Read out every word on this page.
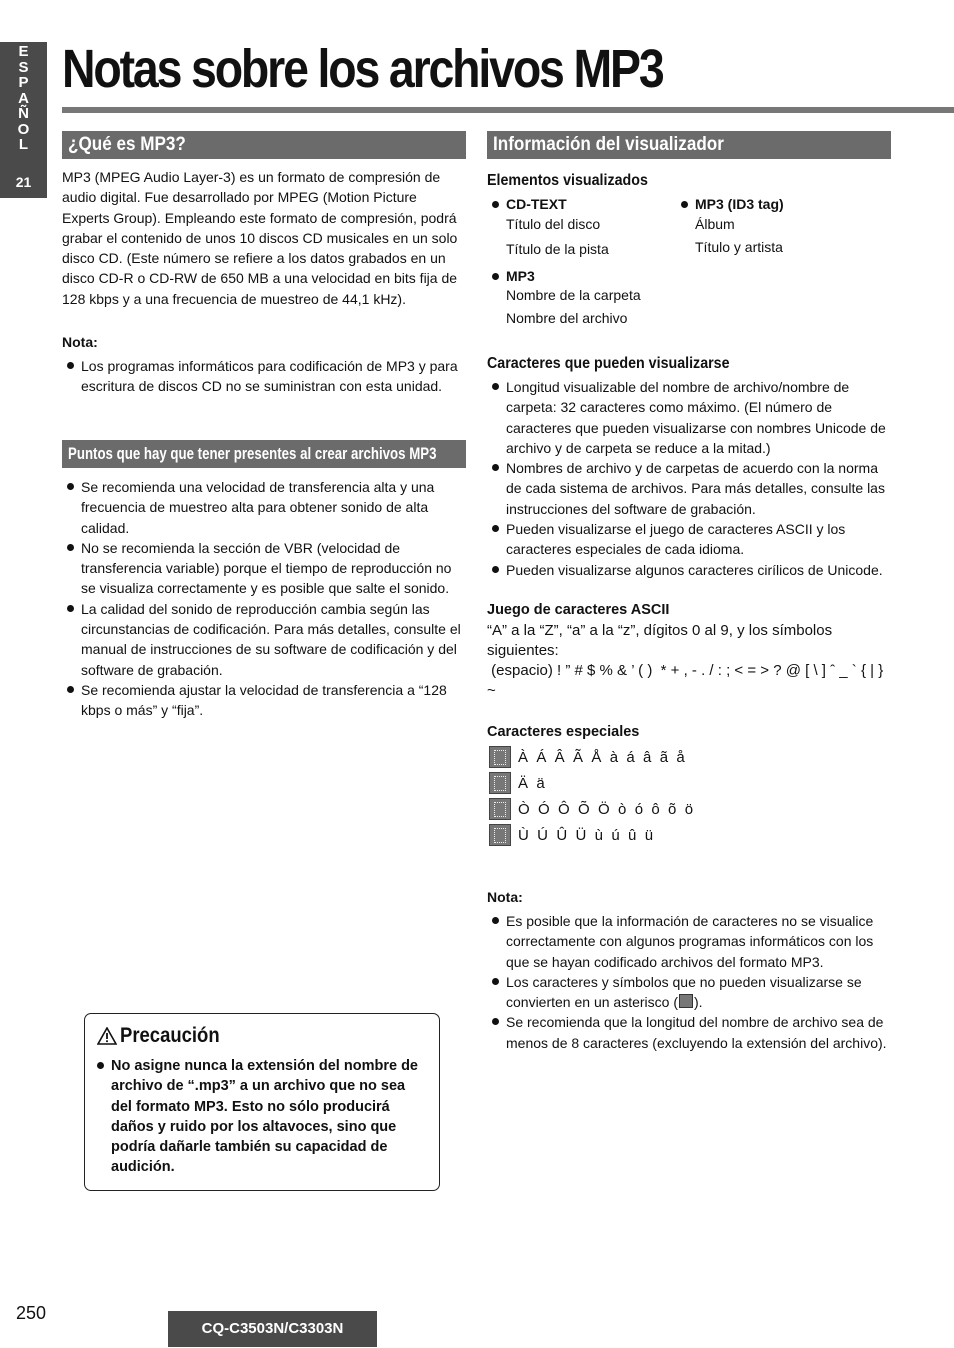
E
S
P
A
Ñ
O
L
21
Notas sobre los archivos MP3
¿Qué es MP3?

MP3 (MPEG Audio Layer-3) es un formato de compresión de audio digital. Fue desarrollado por MPEG (Motion Picture Experts Group). Empleando este formato de compresión, podrá grabar el contenido de unos 10 discos CD musicales en un solo disco CD. (Este número se refiere a los datos grabados en un disco CD-R o CD-RW de 650 MB a una velocidad en bits fija de 128 kbps y a una frecuencia de muestreo de 44,1 kHz).

Nota:
Los programas informáticos para codificación de MP3 y para escritura de discos CD no se suministran con esta unidad.
Puntos que hay que tener presentes al crear archivos MP3
Se recomienda una velocidad de transferencia alta y una frecuencia de muestreo alta para obtener sonido de alta calidad.
No se recomienda la sección de VBR (velocidad de transferencia variable) porque el tiempo de reproducción no se visualiza correctamente y es posible que salte el sonido.
La calidad del sonido de reproducción cambia según las circunstancias de codificación. Para más detalles, consulte el manual de instrucciones de su software de codificación y del software de grabación.
Se recomienda ajustar la velocidad de transferencia a “128 kbps o más” y “fija”.
Precaución
No asigne nunca la extensión del nombre de archivo de “.mp3” a un archivo que no sea del formato MP3. Esto no sólo producirá daños y ruido por los altavoces, sino que podría dañarle también su capacidad de audición.
Información del visualizador
Elementos visualizados
CD-TEXT
Título del disco
Título de la pista
MP3 (ID3 tag)
Álbum
Título y artista
MP3
Nombre de la carpeta
Nombre del archivo
Caracteres que pueden visualizarse
Longitud visualizable del nombre de archivo/nombre de carpeta: 32 caracteres como máximo. (El número de caracteres que pueden visualizarse con nombres Unicode de archivo y de carpeta se reduce a la mitad.)
Nombres de archivo y de carpetas de acuerdo con la norma de cada sistema de archivos. Para más detalles, consulte las instrucciones del software de grabación.
Pueden visualizarse el juego de caracteres ASCII y los caracteres especiales de cada idioma.
Pueden visualizarse algunos caracteres cirílicos de Unicode.
Juego de caracteres ASCII
“A” a la “Z”, “a” a la “z”, dígitos 0 al 9, y los símbolos siguientes:
(espacio) ! ” # $ % & ’ ( )  * + , - . / : ; < = > ? @ [ \ ] ˆ _ ` { | } ~
Caracteres especiales
À  Á  Â  Ã  Å  à  á  â  ã  å
Ä  ä
Ò  Ó  Ô  Õ  Ö  ò  ó  ô  õ  ö
Ù  Ú  Û  Ü  ù  ú  û  ü
Nota:
Es posible que la información de caracteres no se visualice correctamente con algunos programas informáticos con los que se hayan codificado archivos del formato MP3.
Los caracteres y símbolos que no pueden visualizarse se convierten en un asterisco ( ).
Se recomienda que la longitud del nombre de archivo sea de menos de 8 caracteres (excluyendo la extensión del archivo).
250
CQ-C3503N/C3303N
